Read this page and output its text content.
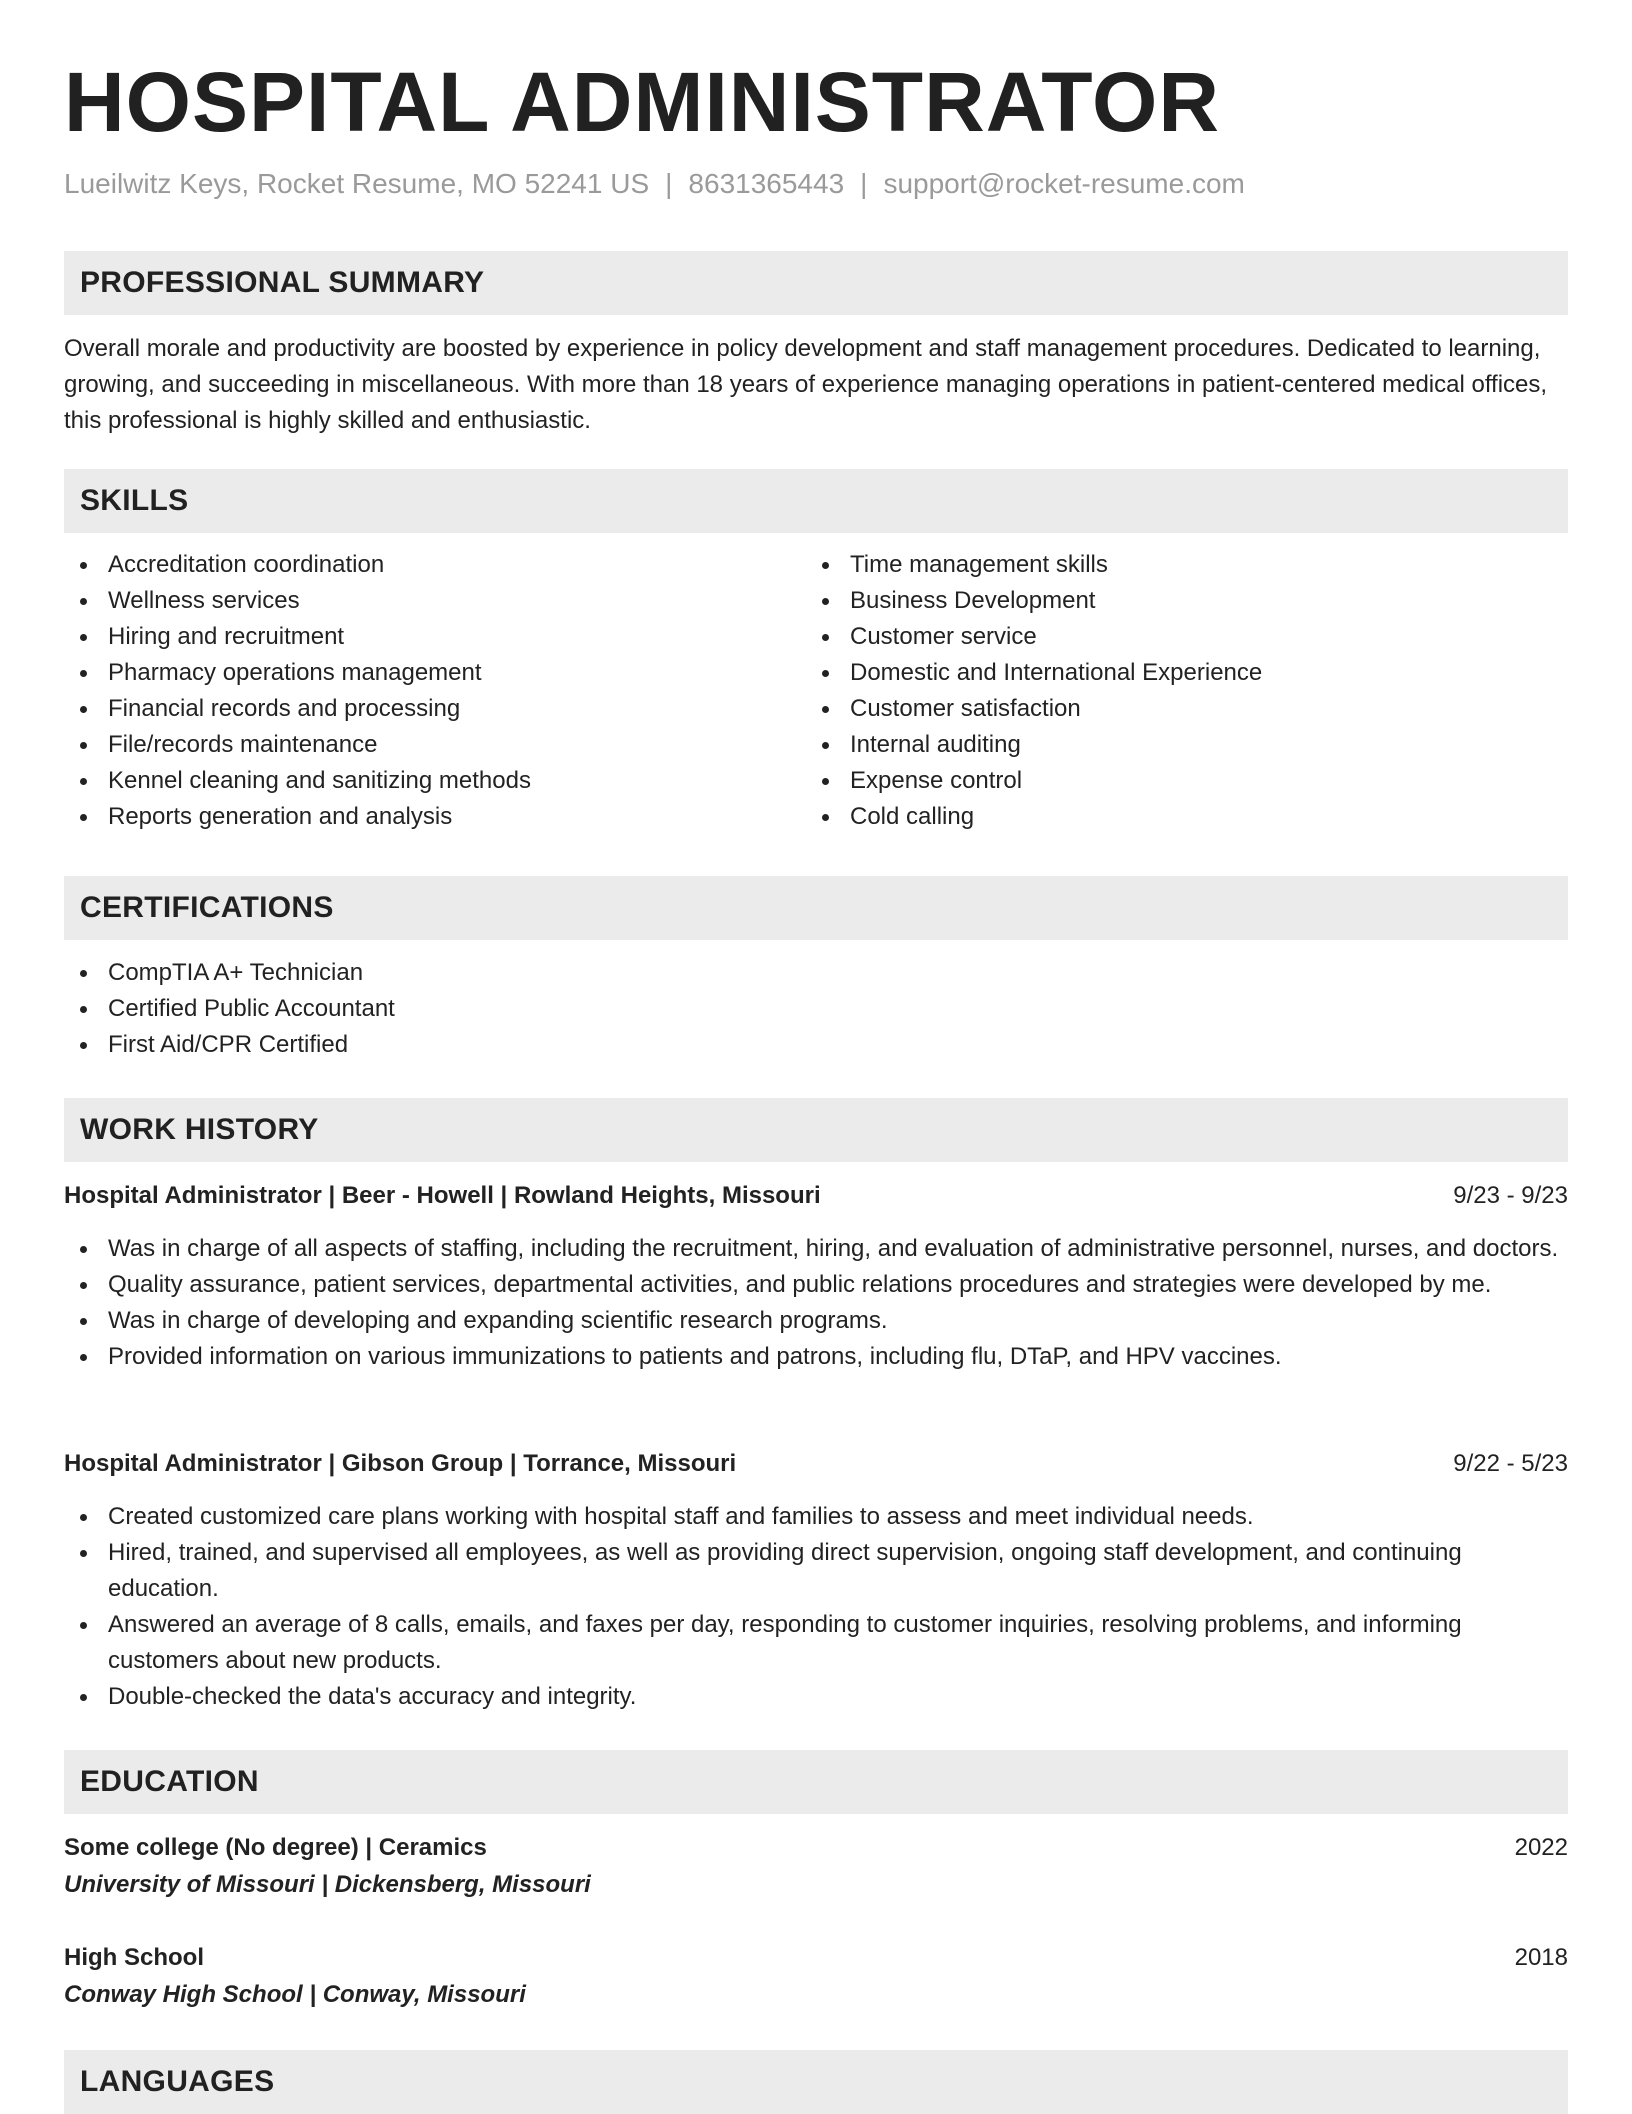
HOSPITAL ADMINISTRATOR
Lueilwitz Keys, Rocket Resume, MO 52241 US | 8631365443 | support@rocket-resume.com
PROFESSIONAL SUMMARY
Overall morale and productivity are boosted by experience in policy development and staff management procedures. Dedicated to learning, growing, and succeeding in miscellaneous. With more than 18 years of experience managing operations in patient-centered medical offices, this professional is highly skilled and enthusiastic.
SKILLS
Accreditation coordination
Wellness services
Hiring and recruitment
Pharmacy operations management
Financial records and processing
File/records maintenance
Kennel cleaning and sanitizing methods
Reports generation and analysis
Time management skills
Business Development
Customer service
Domestic and International Experience
Customer satisfaction
Internal auditing
Expense control
Cold calling
CERTIFICATIONS
CompTIA A+ Technician
Certified Public Accountant
First Aid/CPR Certified
WORK HISTORY
Hospital Administrator | Beer - Howell | Rowland Heights, Missouri	9/23 - 9/23
Was in charge of all aspects of staffing, including the recruitment, hiring, and evaluation of administrative personnel, nurses, and doctors.
Quality assurance, patient services, departmental activities, and public relations procedures and strategies were developed by me.
Was in charge of developing and expanding scientific research programs.
Provided information on various immunizations to patients and patrons, including flu, DTaP, and HPV vaccines.
Hospital Administrator | Gibson Group | Torrance, Missouri	9/22 - 5/23
Created customized care plans working with hospital staff and families to assess and meet individual needs.
Hired, trained, and supervised all employees, as well as providing direct supervision, ongoing staff development, and continuing education.
Answered an average of 8 calls, emails, and faxes per day, responding to customer inquiries, resolving problems, and informing customers about new products.
Double-checked the data's accuracy and integrity.
EDUCATION
Some college (No degree) | Ceramics	2022
University of Missouri | Dickensberg, Missouri
High School	2018
Conway High School | Conway, Missouri
LANGUAGES
